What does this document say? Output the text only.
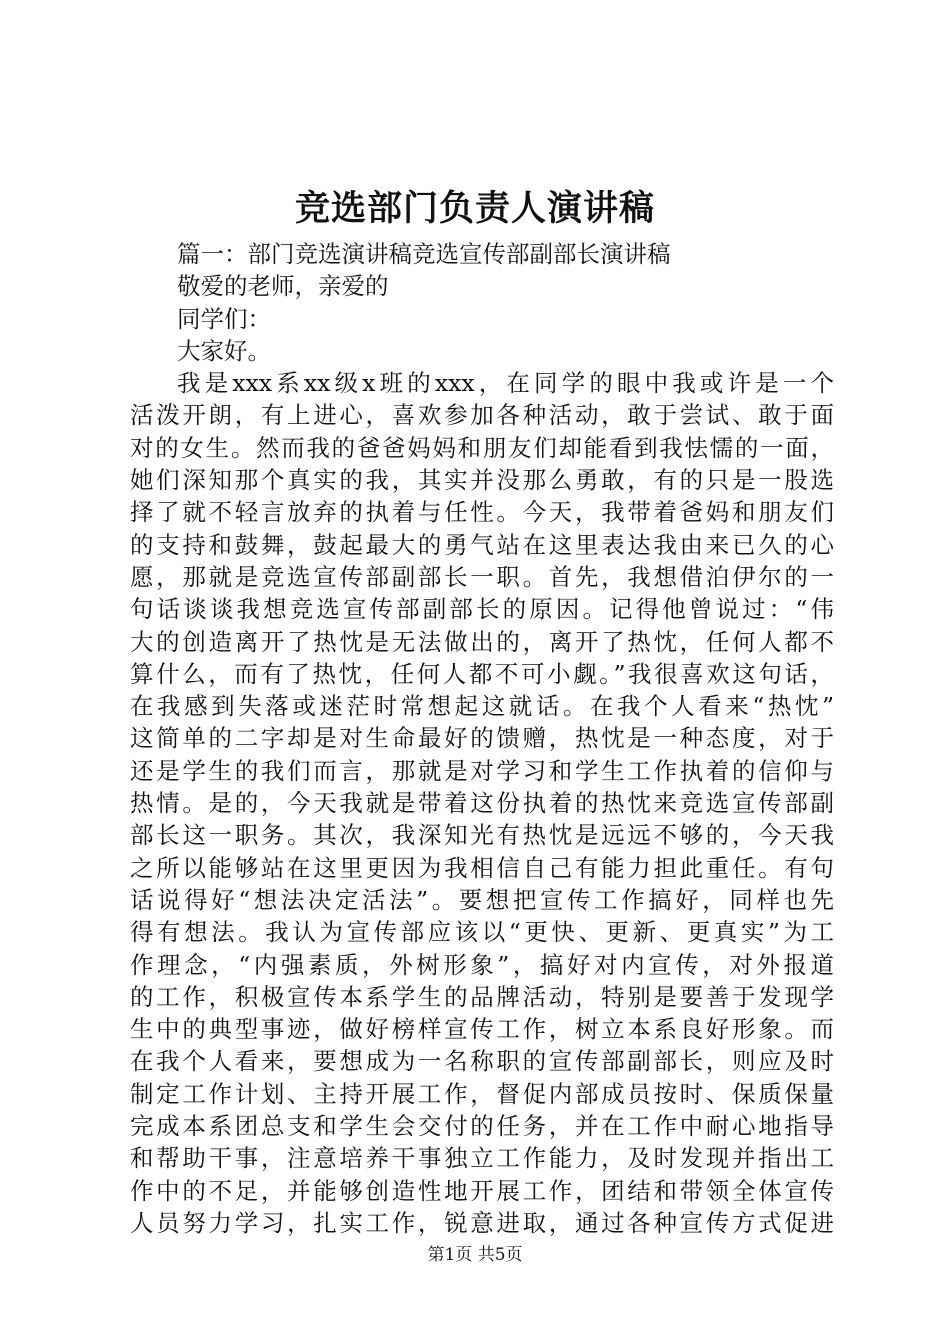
竞选部门负责人演讲稿
篇一：部门竞选演讲稿竞选宣传部副部长演讲稿
敬爱的老师，亲爱的
同学们：
大家好。
我是xxx系xx级x班的xxx，在同学的眼中我或许是一个
活泼开朗，有上进心，喜欢参加各种活动，敢于尝试、敢于面
对的女生。然而我的爸爸妈妈和朋友们却能看到我怯懦的一面，
她们深知那个真实的我，其实并没那么勇敢，有的只是一股选
择了就不轻言放弃的执着与任性。今天，我带着爸妈和朋友们
的支持和鼓舞，鼓起最大的勇气站在这里表达我由来已久的心
愿，那就是竞选宣传部副部长一职。首先，我想借泊伊尔的一
句话谈谈我想竞选宣传部副部长的原因。记得他曾说过：“伟
大的创造离开了热忱是无法做出的，离开了热忱，任何人都不
算什么，而有了热忱，任何人都不可小觑。”我很喜欢这句话，
在我感到失落或迷茫时常想起这就话。在我个人看来“热忱”
这简单的二字却是对生命最好的馈赠，热忱是一种态度，对于
还是学生的我们而言，那就是对学习和学生工作执着的信仰与
热情。是的，今天我就是带着这份执着的热忱来竞选宣传部副
部长这一职务。其次，我深知光有热忱是远远不够的，今天我
之所以能够站在这里更因为我相信自己有能力担此重任。有句
话说得好“想法决定活法”。要想把宣传工作搞好，同样也先
得有想法。我认为宣传部应该以“更快、更新、更真实”为工
作理念，“内强素质，外树形象”，搞好对内宣传，对外报道
的工作，积极宣传本系学生的品牌活动，特别是要善于发现学
生中的典型事迹，做好榜样宣传工作，树立本系良好形象。而
在我个人看来，要想成为一名称职的宣传部副部长，则应及时
制定工作计划、主持开展工作，督促内部成员按时、保质保量
完成本系团总支和学生会交付的任务，并在工作中耐心地指导
和帮助干事，注意培养干事独立工作能力，及时发现并指出工
作中的不足，并能够创造性地开展工作，团结和带领全体宣传
人员努力学习，扎实工作，锐意进取，通过各种宣传方式促进
第1页 共5页
